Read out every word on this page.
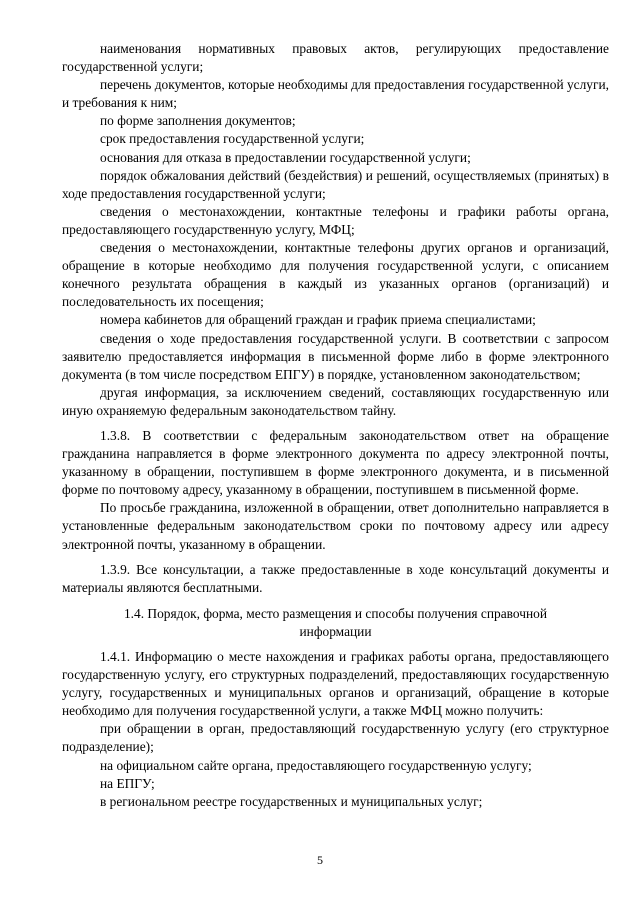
наименования нормативных правовых актов, регулирующих предоставление государственной услуги;

перечень документов, которые необходимы для предоставления государственной услуги, и требования к ним;

по форме заполнения документов;

срок предоставления государственной услуги;

основания для отказа в предоставлении государственной услуги;

порядок обжалования действий (бездействия) и решений, осуществляемых (принятых) в ходе предоставления государственной услуги;

сведения о местонахождении, контактные телефоны и графики работы органа, предоставляющего государственную услугу, МФЦ;

сведения о местонахождении, контактные телефоны других органов и организаций, обращение в которые необходимо для получения государственной услуги, с описанием конечного результата обращения в каждый из указанных органов (организаций) и последовательность их посещения;

номера кабинетов для обращений граждан и график приема специалистами;

сведения о ходе предоставления государственной услуги. В соответствии с запросом заявителю предоставляется информация в письменной форме либо в форме электронного документа (в том числе посредством ЕПГУ) в порядке, установленном законодательством;

другая информация, за исключением сведений, составляющих государственную или иную охраняемую федеральным законодательством тайну.

1.3.8. В соответствии с федеральным законодательством ответ на обращение гражданина направляется в форме электронного документа по адресу электронной почты, указанному в обращении, поступившем в форме электронного документа, и в письменной форме по почтовому адресу, указанному в обращении, поступившем в письменной форме.

По просьбе гражданина, изложенной в обращении, ответ дополнительно направляется в установленные федеральным законодательством сроки по почтовому адресу или адресу электронной почты, указанному в обращении.

1.3.9. Все консультации, а также предоставленные в ходе консультаций документы и материалы являются бесплатными.

1.4. Порядок, форма, место размещения и способы получения справочной информации

1.4.1. Информацию о месте нахождения и графиках работы органа, предоставляющего государственную услугу, его структурных подразделений, предоставляющих государственную услугу, государственных и муниципальных органов и организаций, обращение в которые необходимо для получения государственной услуги, а также МФЦ можно получить:

при обращении в орган, предоставляющий государственную услугу (его структурное подразделение);

на официальном сайте органа, предоставляющего государственную услугу;

на ЕПГУ;

в региональном реестре государственных и муниципальных услуг;

5
